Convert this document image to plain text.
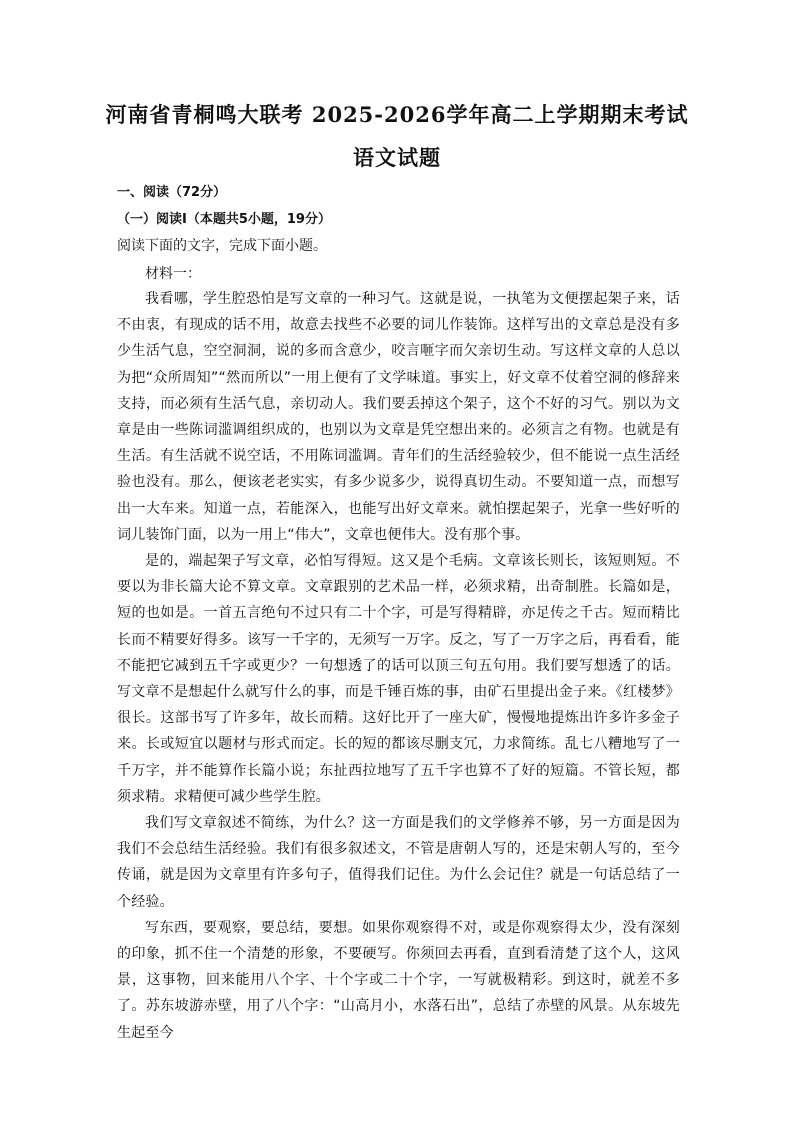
河南省青桐鸣大联考 2025-2026学年高二上学期期末考试
语文试题
一、阅读（72分）
（一）阅读Ⅰ（本题共5小题，19分）
阅读下面的文字，完成下面小题。
材料一：

我看哪，学生腔恐怕是写文章的一种习气。这就是说，一执笔为文便摆起架子来，话不由衷，有现成的话不用，故意去找些不必要的词儿作装饰。这样写出的文章总是没有多少生活气息，空空洞洞，说的多而含意少，咬言咂字而欠亲切生动。写这样文章的人总以为把“众所周知”“然而所以”一用上便有了文学味道。事实上，好文章不仗着空洞的修辞来支持，而必须有生活气息，亲切动人。我们要丢掉这个架子，这个不好的习气。别以为文章是由一些陈词滥调组织成的，也别以为文章是凭空想出来的。必须言之有物。也就是有生活。有生活就不说空话，不用陈词滥调。青年们的生活经验较少，但不能说一点生活经验也没有。那么，便该老老实实，有多少说多少，说得真切生动。不要知道一点，而想写出一大车来。知道一点，若能深入，也能写出好文章来。就怕摆起架子，光拿一些好听的词儿装饰门面，以为一用上“伟大”，文章也便伟大。没有那个事。

是的，端起架子写文章，必怕写得短。这又是个毛病。文章该长则长，该短则短。不要以为非长篇大论不算文章。文章跟别的艺术品一样，必须求精，出奇制胜。长篇如是，短的也如是。一首五言绝句不过只有二十个字，可是写得精辟，亦足传之千古。短而精比长而不精要好得多。该写一千字的，无须写一万字。反之，写了一万字之后，再看看，能不能把它减到五千字或更少？一句想透了的话可以顶三句五句用。我们要写想透了的话。写文章不是想起什么就写什么的事，而是千锤百炼的事，由矿石里提出金子来。《红楼梦》很长。这部书写了许多年，故长而精。这好比开了一座大矿，慢慢地提炼出许多许多金子来。长或短宜以题材与形式而定。长的短的都该尽删支冗，力求简练。乱七八糟地写了一千万字，并不能算作长篇小说；东扯西拉地写了五千字也算不了好的短篇。不管长短，都须求精。求精便可减少些学生腔。

我们写文章叙述不简练，为什么？这一方面是我们的文学修养不够，另一方面是因为我们不会总结生活经验。我们有很多叙述文，不管是唐朝人写的，还是宋朝人写的，至今传诵，就是因为文章里有许多句子，值得我们记住。为什么会记住？就是一句话总结了一个经验。

写东西，要观察，要总结，要想。如果你观察得不对，或是你观察得太少，没有深刻的印象，抓不住一个清楚的形象，不要硬写。你须回去再看，直到看清楚了这个人，这风景，这事物，回来能用八个字、十个字或二十个字，一写就极精彩。到这时，就差不多了。苏东坡游赤壁，用了八个字：“山高月小，水落石出”，总结了赤壁的风景。从东坡先生起至今
